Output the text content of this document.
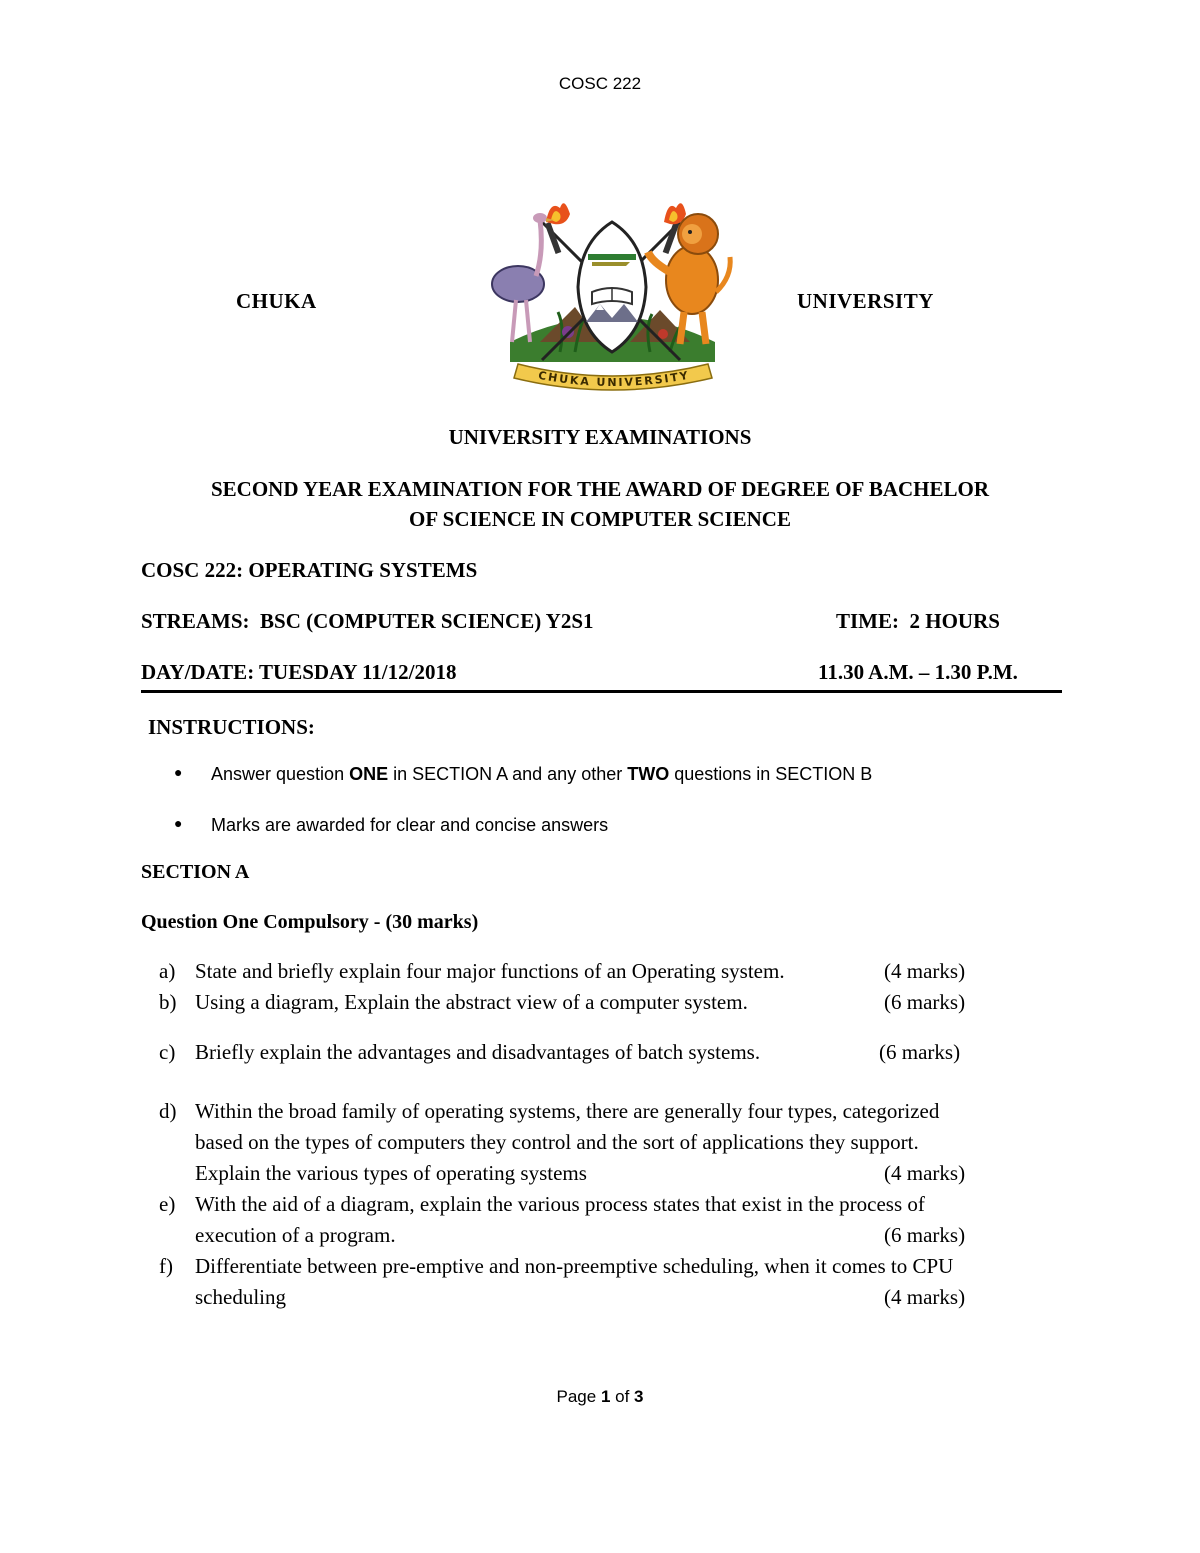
COSC 222
CHUKA	UNIVERSITY
CHUKA UNIVERSITY
UNIVERSITY EXAMINATIONS
SECOND YEAR EXAMINATION FOR THE AWARD OF DEGREE OF BACHELOR
OF SCIENCE IN COMPUTER SCIENCE
COSC 222: OPERATING SYSTEMS
STREAMS:  BSC (COMPUTER SCIENCE) Y2S1	TIME:  2 HOURS
DAY/DATE: TUESDAY 11/12/2018	11.30 A.M. – 1.30 P.M.
INSTRUCTIONS:
● Answer question ONE in SECTION A and any other TWO questions in SECTION B
● Marks are awarded for clear and concise answers
SECTION A
Question One Compulsory - (30 marks)
a) State and briefly explain four major functions of an Operating system.	(4 marks)
b) Using a diagram, Explain the abstract view of a computer system.	(6 marks)
c) Briefly explain the advantages and disadvantages of batch systems.	(6 marks)
d) Within the broad family of operating systems, there are generally four types, categorized
based on the types of computers they control and the sort of applications they support.
Explain the various types of operating systems	(4 marks)
e) With the aid of a diagram, explain the various process states that exist in the process of
execution of a program.	(6 marks)
f) Differentiate between pre-emptive and non-preemptive scheduling, when it comes to CPU
scheduling	(4 marks)
Page 1 of 3
